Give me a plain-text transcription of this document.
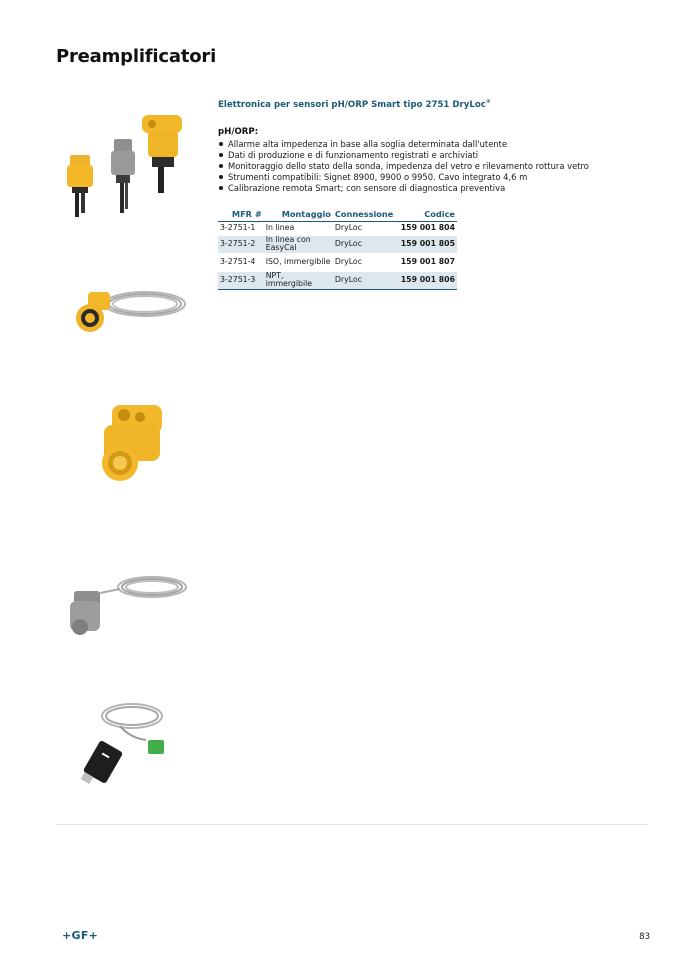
Preamplificatori
Elettronica per sensori pH/ORP Smart tipo 2751 DryLoc®
pH/ORP:
Allarme alta impedenza in base alla soglia determinata dall'utente
Dati di produzione e di funzionamento registrati e archiviati
Monitoraggio dello stato della sonda, impedenza del vetro e rilevamento rottura vetro
Strumenti compatibili: Signet 8900, 9900 o 9950. Cavo integrato 4,6 m
Calibrazione remota Smart; con sensore di diagnostica preventiva
MFR #	Montaggio	Connessione	Codice
3-2751-1	In linea	DryLoc	159 001 804
3-2751-2	In linea con EasyCal	DryLoc	159 001 805
3-2751-4	ISO, immergibile	DryLoc	159 001 807
3-2751-3	NPT, immergibile	DryLoc	159 001 806
+GF+	83
